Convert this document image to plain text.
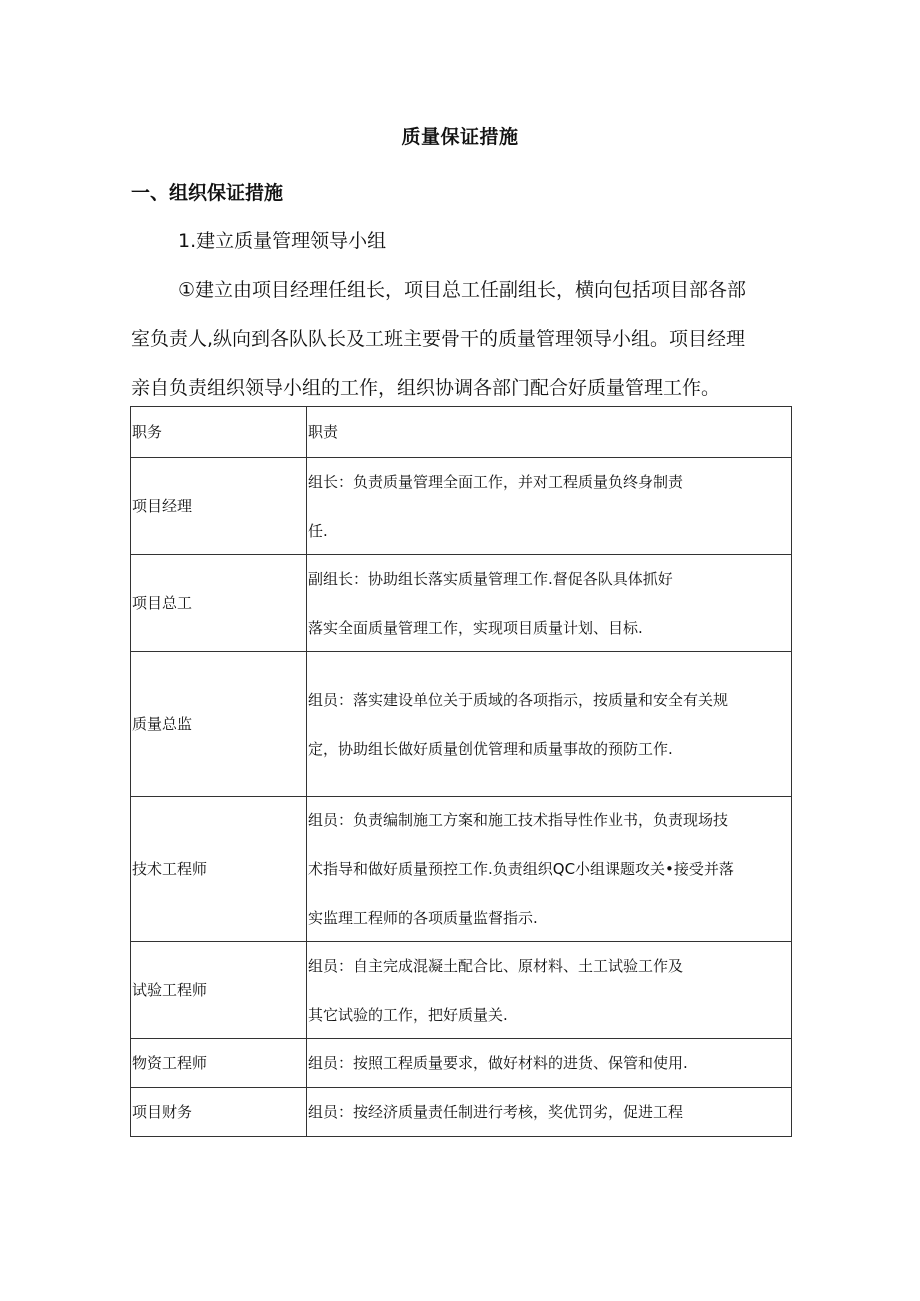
质量保证措施
一、组织保证措施
1.建立质量管理领导小组
①建立由项目经理任组长，项目总工任副组长，横向包括项目部各部
室负责人,纵向到各队队长及工班主要骨干的质量管理领导小组。项目经理
亲自负责组织领导小组的工作，组织协调各部门配合好质量管理工作。
职务	职责
项目经理	组长：负责质量管理全面工作，并对工程质量负终身制责
任.

项目总工	副组长：协助组长落实质量管理工作.督促各队具体抓好
落实全面质量管理工作，实现项目质量计划、目标.

质量总监	组员：落实建设单位关于质域的各项指示，按质量和安全有关规
定，协助组长做好质量创优管理和质量事故的预防工作.

技术工程师	组员：负责编制施工方案和施工技术指导性作业书，负责现场技
术指导和做好质量预控工作.负责组织QC小组课题攻关•接受并落
实监理工程师的各项质量监督指示.

试验工程师	组员：自主完成混凝土配合比、原材料、土工试验工作及
其它试验的工作，把好质量关.

物资工程师	组员：按照工程质量要求，做好材料的进货、保管和使用.

项目财务	组员：按经济质量责任制进行考核，奖优罚劣，促进工程
